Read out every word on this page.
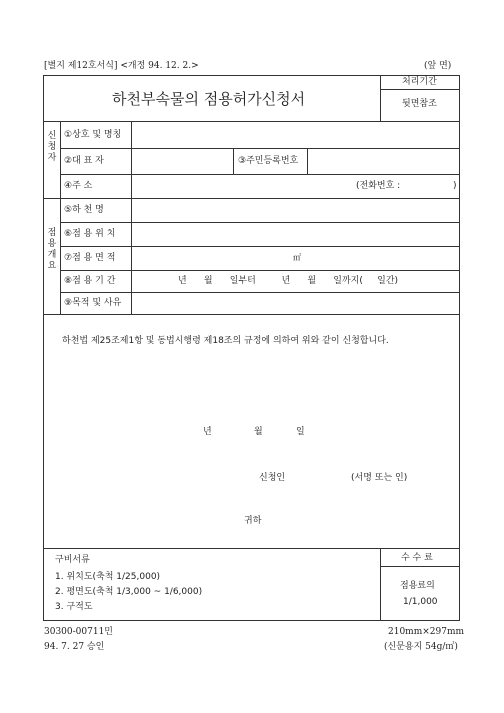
[별지 제12호서식] <개정 94. 12. 2.>	(앞 면)
하천부속물의 점용허가신청서
처리기간
뒷면참조
신
청
자
①상호 및 명칭
②대 표 자	③주민등록번호
④주 소	(전화번호 :	)
점
용
개
요
⑤하 천 명
⑥점 용 위 치
⑦점 용 면 적	㎡
⑧점 용 기 간	년      월      일부터         년      월      일까지(     일간)
⑨목적 및 사유
하천법 제25조제1항 및 동법시행령 제18조의 규정에 의하여 위와 같이 신청합니다.
년	월	일
신청인	(서명 또는 인)
귀하
구비서류
1. 위치도(축척 1/25,000)
2. 평면도(축척 1/3,000 ~ 1/6,000)
3. 구적도
수 수 료
점용료의
1/1,000
30300-00711민
94. 7. 27 승인
210mm×297mm
(신문용지 54g/㎡)
